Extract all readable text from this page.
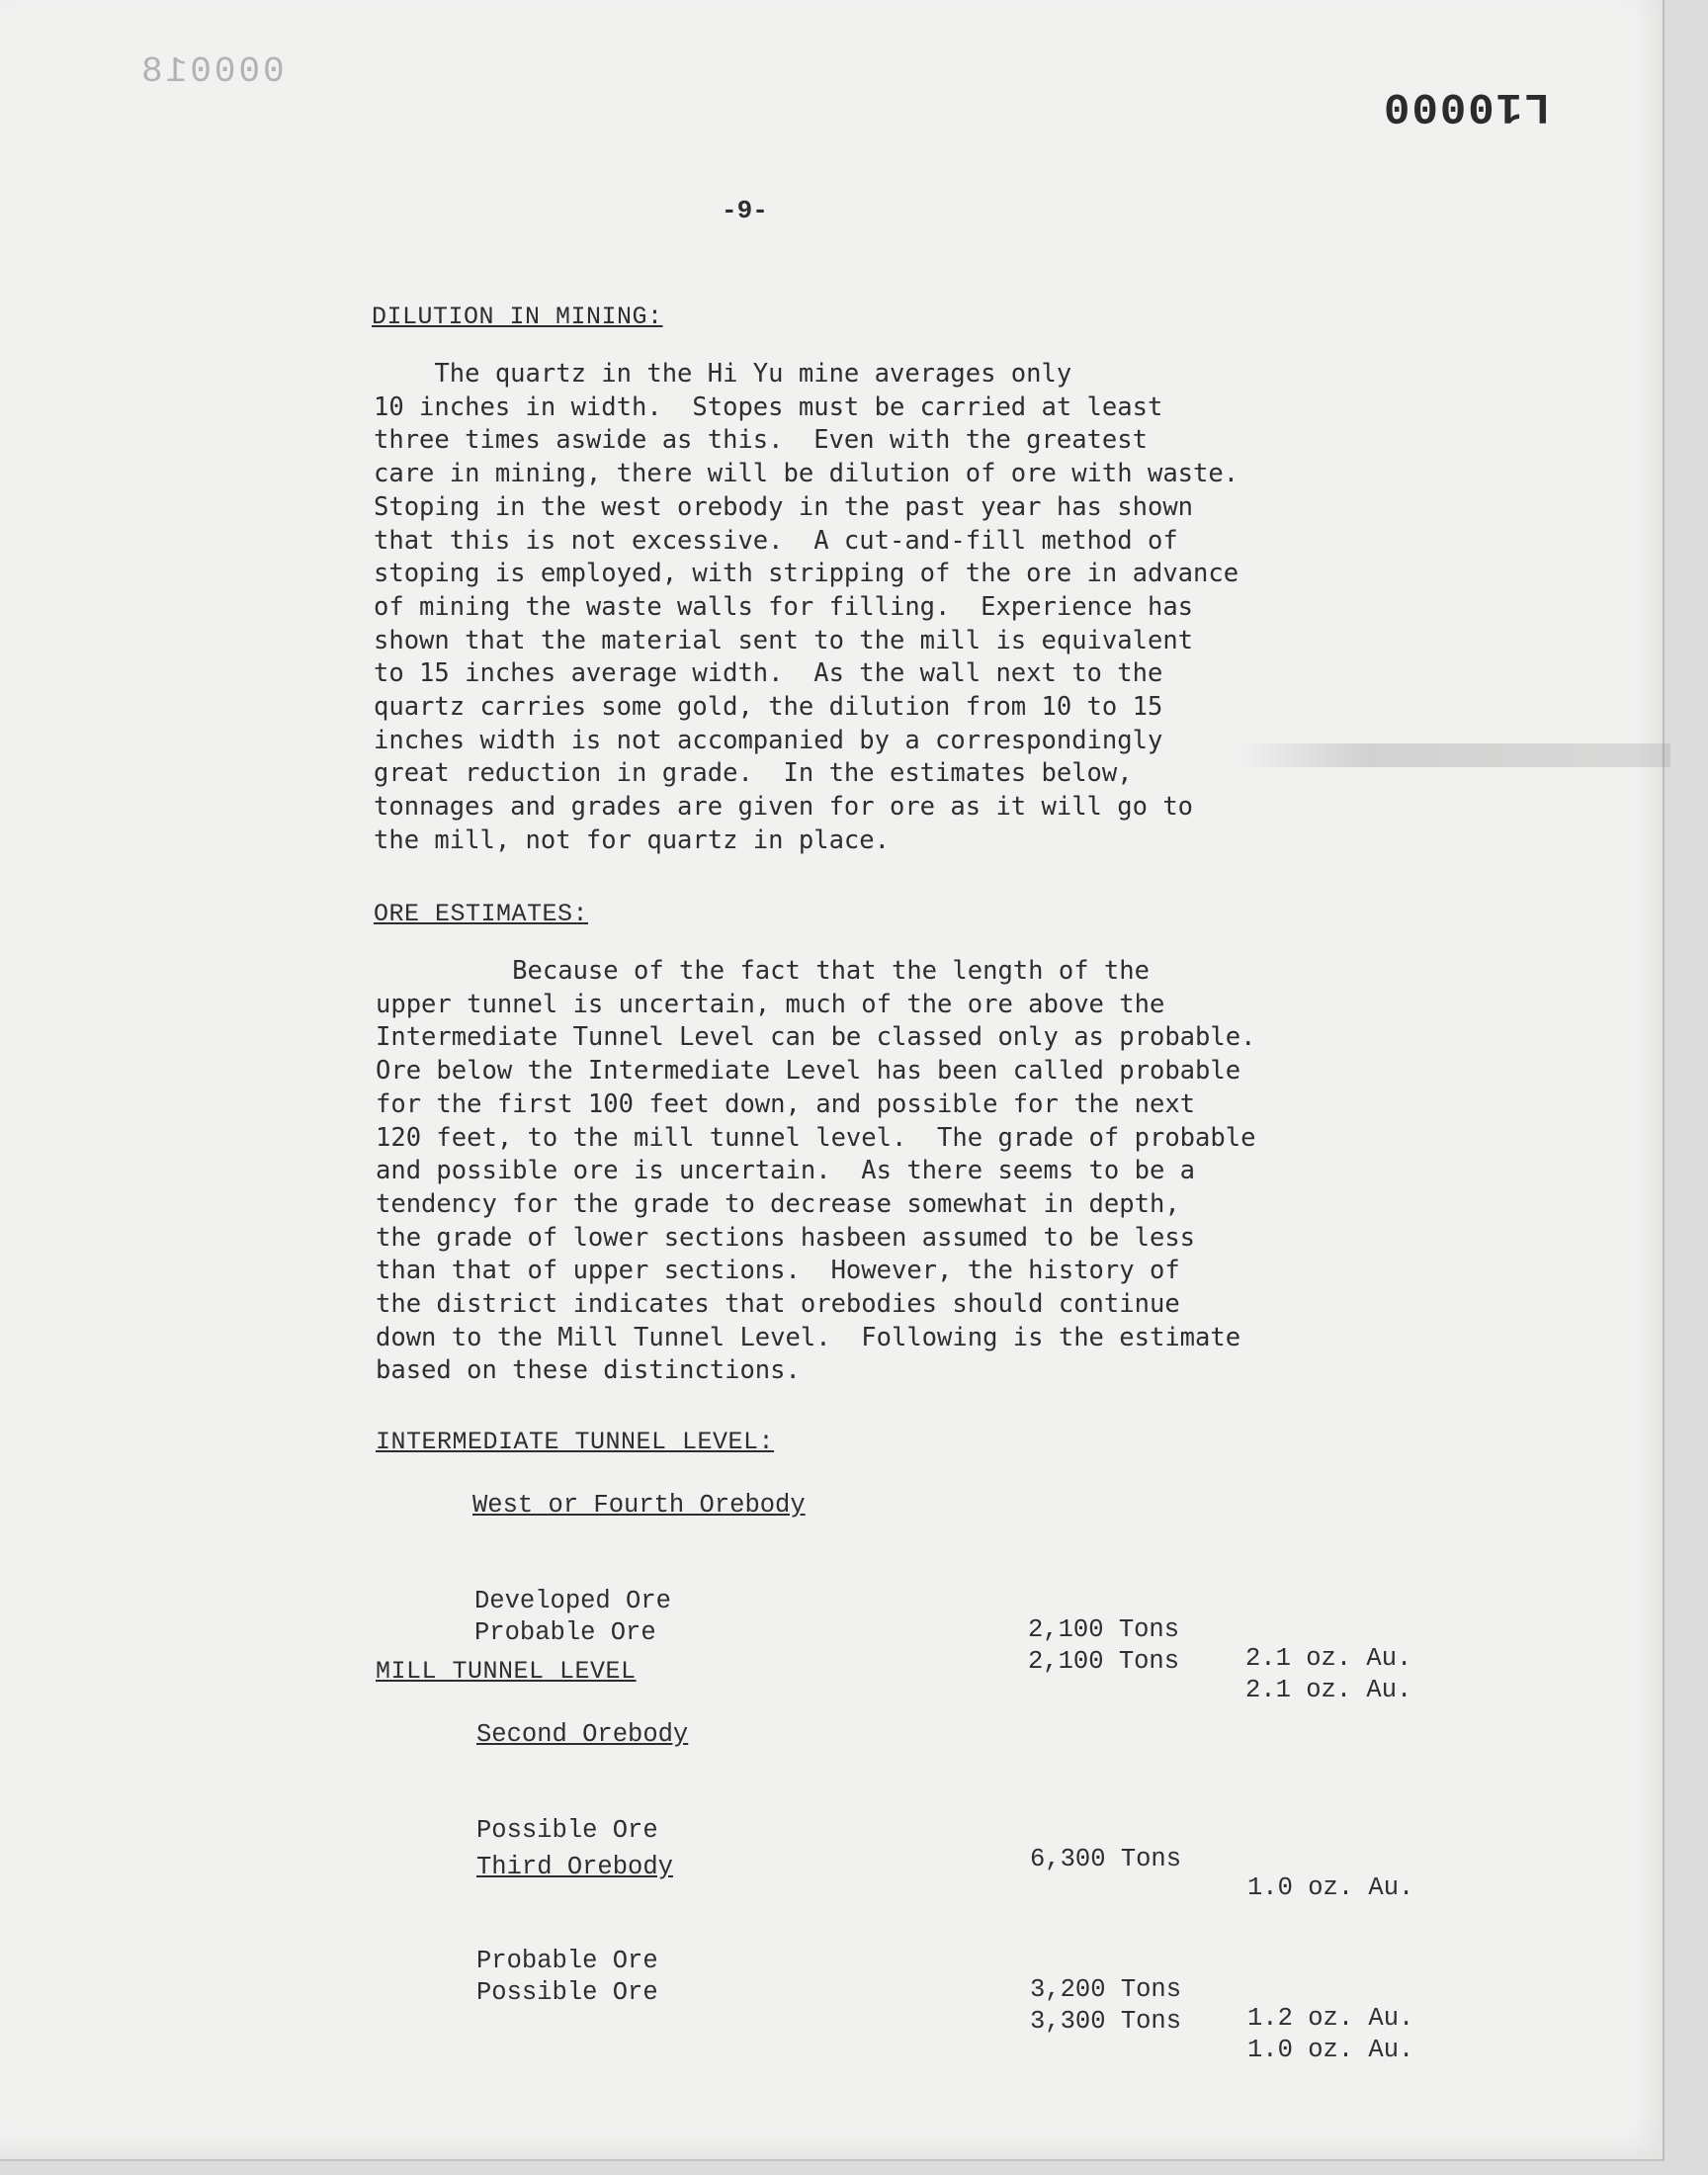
000018
L10000
-9-
DILUTION IN MINING:
The quartz in the Hi Yu mine averages only
10 inches in width.  Stopes must be carried at least
three times aswide as this.  Even with the greatest
care in mining, there will be dilution of ore with waste.
Stoping in the west orebody in the past year has shown
that this is not excessive.  A cut-and-fill method of
stoping is employed, with stripping of the ore in advance
of mining the waste walls for filling.  Experience has
shown that the material sent to the mill is equivalent
to 15 inches average width.  As the wall next to the
quartz carries some gold, the dilution from 10 to 15
inches width is not accompanied by a correspondingly
great reduction in grade.  In the estimates below,
tonnages and grades are given for ore as it will go to
the mill, not for quartz in place.
ORE ESTIMATES:
Because of the fact that the length of the
upper tunnel is uncertain, much of the ore above the
Intermediate Tunnel Level can be classed only as probable.
Ore below the Intermediate Level has been called probable
for the first 100 feet down, and possible for the next
120 feet, to the mill tunnel level.  The grade of probable
and possible ore is uncertain.  As there seems to be a
tendency for the grade to decrease somewhat in depth,
the grade of lower sections hasbeen assumed to be less
than that of upper sections.  However, the history of
the district indicates that orebodies should continue
down to the Mill Tunnel Level.  Following is the estimate
based on these distinctions.
INTERMEDIATE TUNNEL LEVEL:
West or Fourth Orebody

Developed Ore

2,100 Tons

2.1 oz. Au.

Probable Ore

2,100 Tons

2.1 oz. Au.

MILL TUNNEL LEVEL
Second Orebody

Possible Ore

6,300 Tons

1.0 oz. Au.

Third Orebody

Probable Ore

3,200 Tons

1.2 oz. Au.

Possible Ore

3,300 Tons

1.0 oz. Au.
